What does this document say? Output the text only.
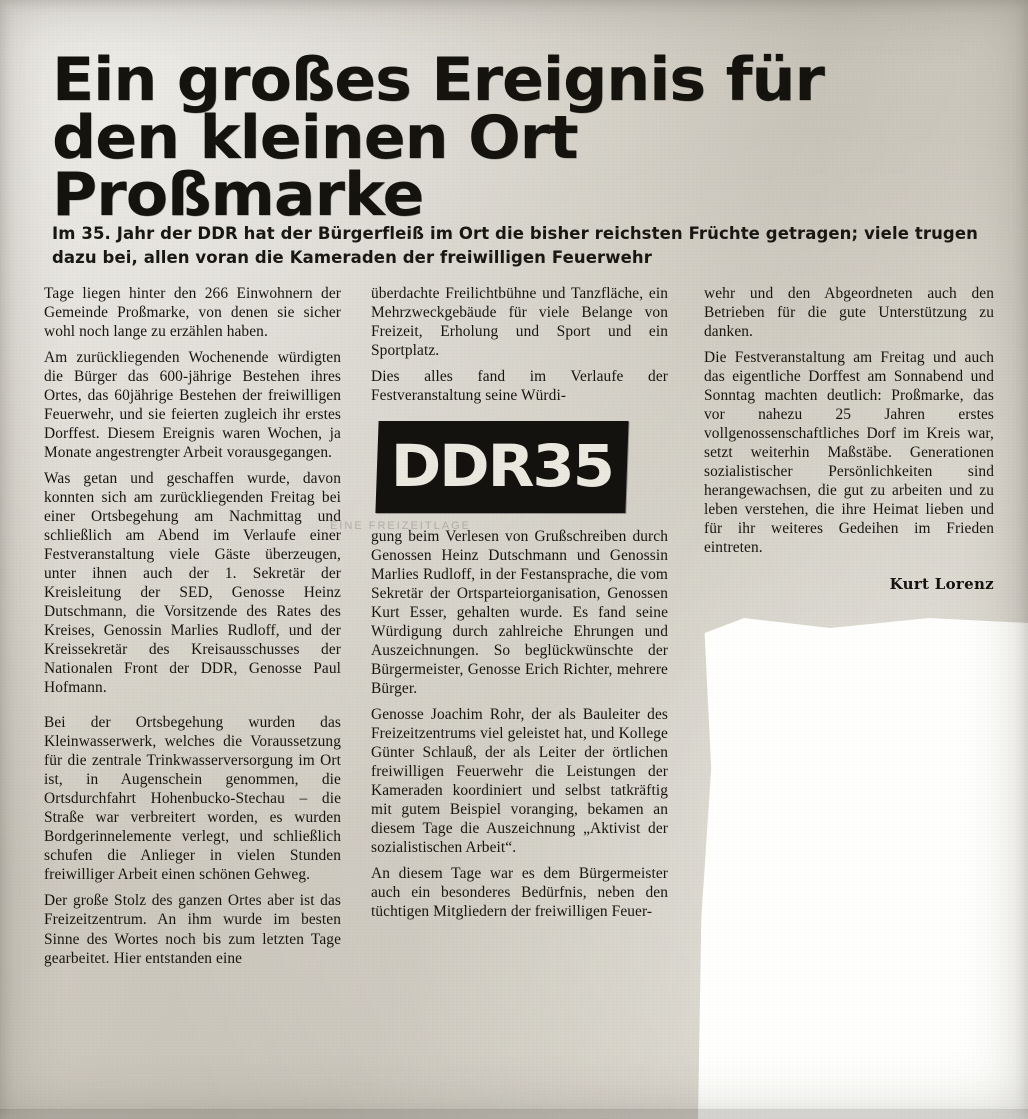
Ein großes Ereignis für den kleinen Ort Proßmarke
Im 35. Jahr der DDR hat der Bürgerfleiß im Ort die bisher reichsten Früchte getragen; viele trugen dazu bei, allen voran die Kameraden der freiwilligen Feuerwehr

Tage liegen hinter den 266 Einwohnern der Gemeinde Proßmarke, von denen sie sicher wohl noch lange zu erzählen haben.

Am zurückliegenden Wochenende würdigten die Bürger das 600-jährige Bestehen ihres Ortes, das 60jährige Bestehen der freiwilligen Feuerwehr, und sie feierten zugleich ihr erstes Dorffest. Diesem Ereignis waren Wochen, ja Monate angestrengter Arbeit vorausgegangen.

Was getan und geschaffen wurde, davon konnten sich am zurückliegenden Freitag bei einer Ortsbegehung am Nachmittag und schließlich am Abend im Verlaufe einer Festveranstaltung viele Gäste überzeugen, unter ihnen auch der 1. Sekretär der Kreisleitung der SED, Genosse Heinz Dutschmann, die Vorsitzende des Rates des Kreises, Genossin Marlies Rudloff, und der Kreissekretär des Kreisausschusses der Nationalen Front der DDR, Genosse Paul Hofmann.

Bei der Ortsbegehung wurden das Kleinwasserwerk, welches die Voraussetzung für die zentrale Trinkwasserversorgung im Ort ist, in Augenschein genommen, die Ortsdurchfahrt Hohenbucko-Stechau – die Straße war verbreitert worden, es wurden Bordgerinnelemente verlegt, und schließlich schufen die Anlieger in vielen Stunden freiwilliger Arbeit einen schönen Gehweg.

Der große Stolz des ganzen Ortes aber ist das Freizeitzentrum. An ihm wurde im besten Sinne des Wortes noch bis zum letzten Tage gearbeitet. Hier entstanden eine

überdachte Freilichtbühne und Tanzfläche, ein Mehrzweckgebäude für viele Belange von Freizeit, Erholung und Sport und ein Sportplatz.

Dies alles fand im Verlaufe der Festveranstaltung seine Würdi-

DDR35

gung beim Verlesen von Grußschreiben durch Genossen Heinz Dutschmann und Genossin Marlies Rudloff, in der Festansprache, die vom Sekretär der Ortsparteiorganisation, Genossen Kurt Esser, gehalten wurde. Es fand seine Würdigung durch zahlreiche Ehrungen und Auszeichnungen. So beglückwünschte der Bürgermeister, Genosse Erich Richter, mehrere Bürger.

Genosse Joachim Rohr, der als Bauleiter des Freizeitzentrums viel geleistet hat, und Kollege Günter Schlauß, der als Leiter der örtlichen freiwilligen Feuerwehr die Leistungen der Kameraden koordiniert und selbst tatkräftig mit gutem Beispiel voranging, bekamen an diesem Tage die Auszeichnung „Aktivist der sozialistischen Arbeit“.

An diesem Tage war es dem Bürgermeister auch ein besonderes Bedürfnis, neben den tüchtigen Mitgliedern der freiwilligen Feuer-

wehr und den Abgeordneten auch den Betrieben für die gute Unterstützung zu danken.

Die Festveranstaltung am Freitag und auch das eigentliche Dorffest am Sonnabend und Sonntag machten deutlich: Proßmarke, das vor nahezu 25 Jahren erstes vollgenossenschaftliches Dorf im Kreis war, setzt weiterhin Maßstäbe. Generationen sozialistischer Persönlichkeiten sind herangewachsen, die gut zu arbeiten und zu leben verstehen, die ihre Heimat lieben und für ihr weiteres Gedeihen im Frieden eintreten.

Kurt Lorenz
EINE FREIZEITLAGE
